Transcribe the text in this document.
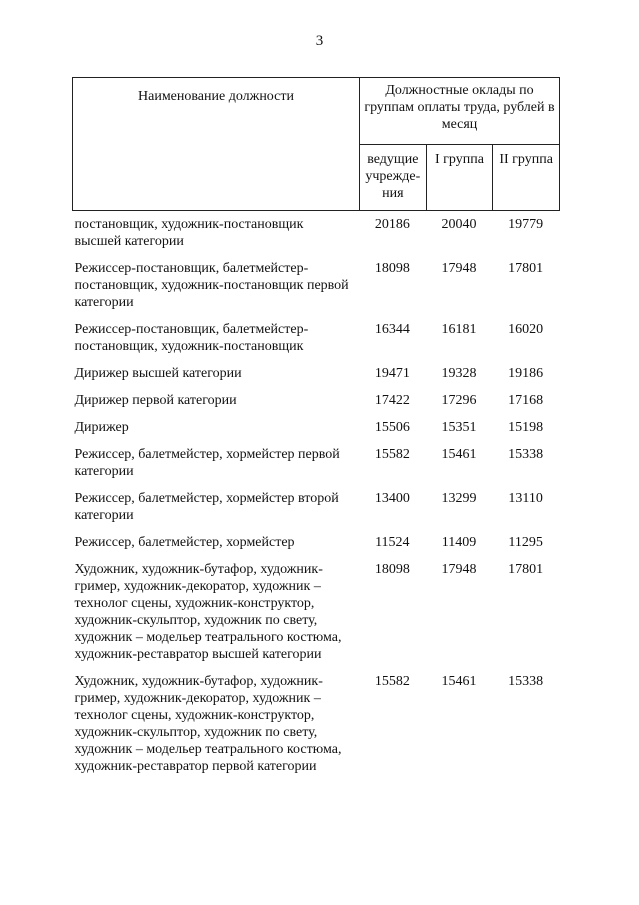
3
Наименование должности	Должностные оклады по группам оплаты труда, рублей в месяц		
	ведущие учрежде-ния	I группа	II группа
постановщик, художник-постановщик высшей категории	20186	20040	19779
Режиссер-постановщик, балетмейстер-постановщик, художник-постановщик первой категории	18098	17948	17801
Режиссер-постановщик, балетмейстер-постановщик, художник-постановщик	16344	16181	16020
Дирижер высшей категории	19471	19328	19186
Дирижер первой категории	17422	17296	17168
Дирижер	15506	15351	15198
Режиссер, балетмейстер, хормейстер первой категории	15582	15461	15338
Режиссер, балетмейстер, хормейстер второй категории	13400	13299	13110
Режиссер, балетмейстер, хормейстер	11524	11409	11295
Художник, художник-бутафор, художник-гример, художник-декоратор, художник – технолог сцены, художник-конструктор, художник-скульптор, художник по свету, художник – модельер театрального костюма, художник-реставратор высшей категории	18098	17948	17801
Художник, художник-бутафор, художник-гример, художник-декоратор, художник – технолог сцены, художник-конструктор, художник-скульптор, художник по свету, художник – модельер театрального костюма, художник-реставратор первой категории	15582	15461	15338
